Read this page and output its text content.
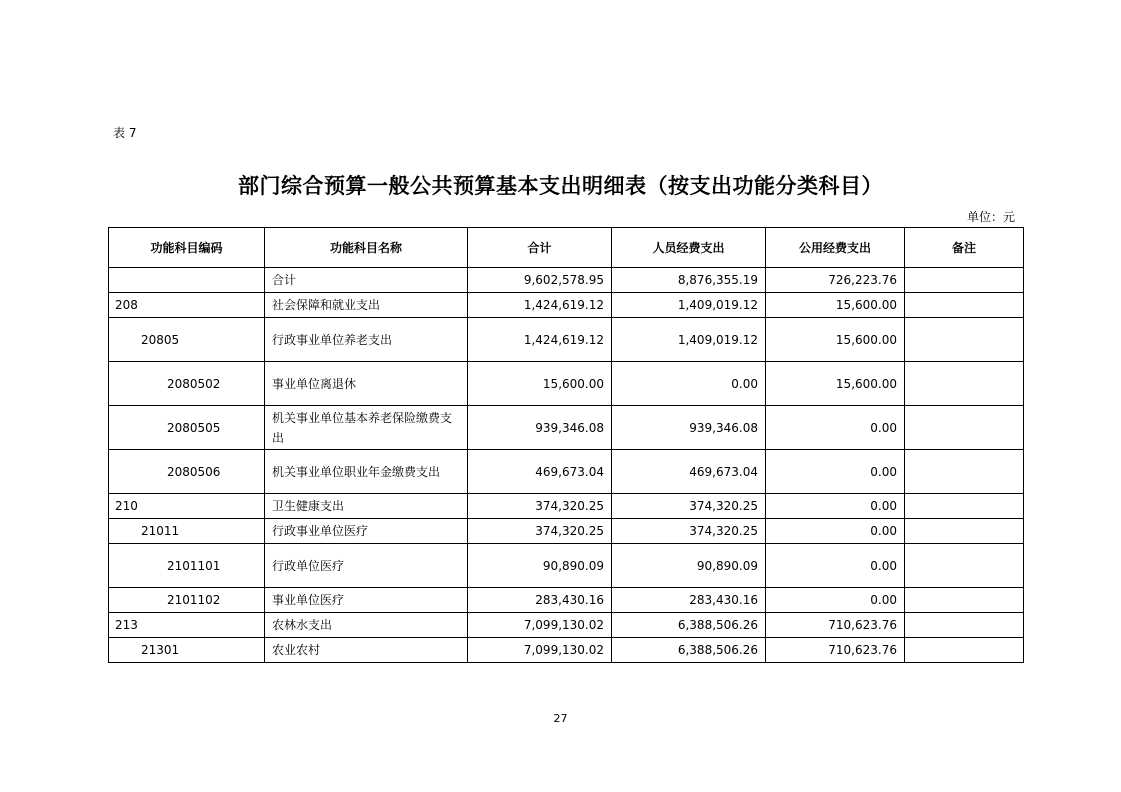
表 7
部门综合预算一般公共预算基本支出明细表（按支出功能分类科目）
单位：元
功能科目编码	功能科目名称	合计	人员经费支出	公用经费支出	备注
	合计	9,602,578.95	8,876,355.19	726,223.76	
208	社会保障和就业支出	1,424,619.12	1,409,019.12	15,600.00	
20805	行政事业单位养老支出	1,424,619.12	1,409,019.12	15,600.00	
2080502	事业单位离退休	15,600.00	0.00	15,600.00	
2080505	机关事业单位基本养老保险缴费支出	939,346.08	939,346.08	0.00	
2080506	机关事业单位职业年金缴费支出	469,673.04	469,673.04	0.00	
210	卫生健康支出	374,320.25	374,320.25	0.00	
21011	行政事业单位医疗	374,320.25	374,320.25	0.00	
2101101	行政单位医疗	90,890.09	90,890.09	0.00	
2101102	事业单位医疗	283,430.16	283,430.16	0.00	
213	农林水支出	7,099,130.02	6,388,506.26	710,623.76	
21301	农业农村	7,099,130.02	6,388,506.26	710,623.76	
27
